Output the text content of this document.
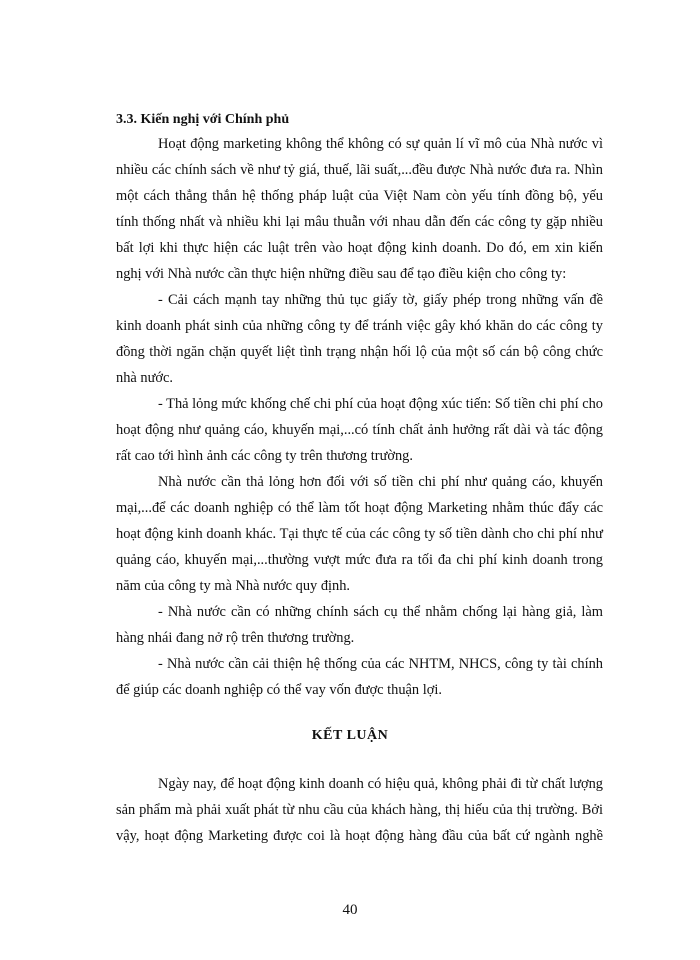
3.3. Kiến nghị với Chính phủ

Hoạt động marketing không thể không có sự quản lí vĩ mô của Nhà nước vì

nhiều các chính sách về như tỷ giá, thuế, lãi suất,...đều được Nhà nước đưa ra. Nhìn

một cách thẳng thắn hệ thống pháp luật của Việt Nam còn yếu tính đồng bộ, yếu

tính thống nhất và nhiều khi lại mâu thuẫn với nhau dẫn đến các công ty gặp nhiều

bất lợi khi thực hiện các luật trên vào hoạt động kinh doanh. Do đó, em xin kiến

nghị với Nhà nước cần thực hiện những điều sau để tạo điều kiện cho công ty:

- Cải cách mạnh tay những thủ tục giấy tờ, giấy phép trong những vấn đề

kinh doanh phát sinh của những công ty để tránh việc gây khó khăn do các công ty

đồng thời ngăn chặn quyết liệt tình trạng nhận hối lộ của một số cán bộ công chức

nhà nước.

- Thả lỏng mức khống chế chi phí của hoạt động xúc tiến: Số tiền chi phí cho

hoạt động như quảng cáo, khuyến mại,...có tính chất ảnh hưởng rất dài và tác động

rất cao tới hình ảnh các công ty trên thương trường.

Nhà nước cần thả lỏng hơn đối với số tiền chi phí như quảng cáo, khuyến

mại,...để các doanh nghiệp có thể làm tốt hoạt động Marketing nhằm thúc đẩy các

hoạt động kinh doanh khác. Tại thực tế của các công ty số tiền dành cho chi phí như

quảng cáo, khuyến mại,...thường vượt mức đưa ra tối đa chi phí kinh doanh trong

năm của công ty mà Nhà nước quy định.

- Nhà nước cần có những chính sách cụ thể nhằm chống lại hàng giả, làm

hàng nhái đang nở rộ trên thương trường.

- Nhà nước cần cải thiện hệ thống của các NHTM, NHCS, công ty tài chính

để giúp các doanh nghiệp có thể vay vốn được thuận lợi.

KẾT LUẬN

Ngày nay, để hoạt động kinh doanh có hiệu quả, không phải đi từ chất lượng

sản phẩm mà phải xuất phát từ nhu cầu của khách hàng, thị hiếu của thị trường. Bởi

vậy, hoạt động Marketing được coi là hoạt động hàng đầu của bất cứ ngành nghề

40
